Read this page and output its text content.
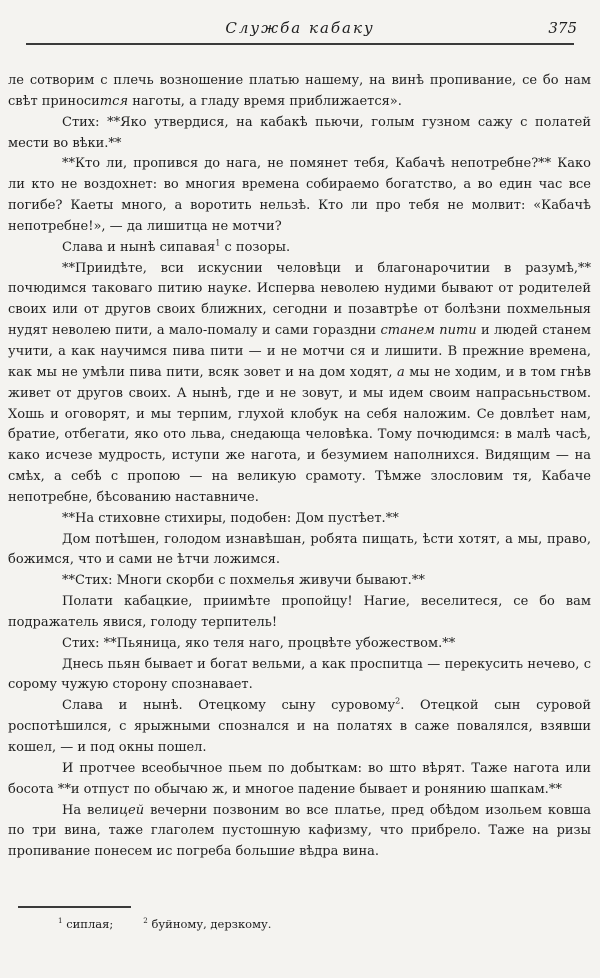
Служба кабаку	375

ле сотворим с плечь возношение платью нашему, на винѣ пропивание, се бо нам свѣт приносится наготы, а гладу время приближается».

Стих: **Яко утвердися, на кабакѣ пьючи, голым гузном сажу с полатей мести во вѣки.**

**Кто ли, пропився до нага, не помянет тебя, Кабачѣ непотребне?** Како ли кто не воздохнет: во многия времена собираемо богатство, а во един час все погибе? Каеты много, а воротить нельзѣ. Кто ли про тебя не молвит: «Кабачѣ непотребне!», — да лишитца не мотчи?

Слава и нынѣ сипавая$^1$ с позоры.

**Приидѣте, вси искуснии человѣци и благонарочитии в разумѣ,** почюдимся таковаго питию науке. Исперва неволею нудими бывают от родителей своих или от другов своих ближних, сегодни и позавтрѣе от болѣзни похмельныя нудят неволею пити, а мало-помалу и сами гораздни станем пити и людей станем учити, а как научимся пива пити — и не мотчи ся и лишити. В прежние времена, как мы не умѣли пива пити, всяк зовет и на дом ходят, а мы не ходим, и в том гнѣв живет от другов своих. А нынѣ, где и не зовут, и мы идем своим напрасьньством. Хошь и оговорят, и мы терпим, глухой клобук на себя наложим. Се довлѣет нам, братие, отбегати, яко ото льва, снедающа человѣка. Тому почюдимся: в малѣ часѣ, како исчезе мудрость, иступи же нагота, и безумием наполнихся. Видящим — на смѣх, а себѣ с пропою — на великую срамоту. Тѣмже злословим тя, Кабаче непотребне, бѣсованию наставниче.

**На стиховне стихиры, подобен: Дом пустѣет.**

Дом потѣшен, голодом изнавѣшан, робята пищать, ѣсти хотят, а мы, право, божимся, что и сами не ѣтчи ложимся.

**Стих: Многи скорби с похмелья живучи бывают.**

Полати кабацкие, приимѣте пропойцу! Нагие, веселитеся, се бо вам подражатель явися, голоду терпитель!

Стих: **Пьяница, яко теля наго, процвѣте убожеством.**

Днесь пьян бывает и богат вельми, а как проспитца — перекусить нечево, с сорому чужую сторону спознавает.

Слава и нынѣ. Отецкому сыну суровому$^2$. Отецкой сын суровой роспотѣшился, с ярыжными спознался и на полатях в саже повалялся, взявши кошел, — и под окны пошел.

И протчее всеобычное пьем по добыткам: во што вѣрят. Таже нагота или босота **и отпуст по обычаю ж, и многое падение бывает и ронянию шапкам.**

На велицей вечерни позвоним во все платье, пред обѣдом изольем ковша по три вина, таже глаголем пустошную кафизму, что прибрело. Таже на ризы пропивание понесем ис погреба большие вѣдра вина.

$^1$ сиплая;	$^2$ буйному, дерзкому.
